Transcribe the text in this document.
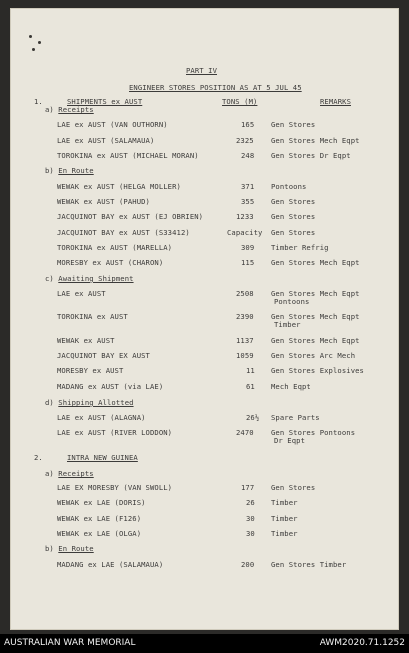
PART IV
ENGINEER STORES POSITION AS AT 5 JUL 45
1.	SHIPMENTS ex AUST	TONS (M)	REMARKS
a) Receipts
LAE ex AUST (VAN OUTHORN)	165 Gen Stores
LAE ex AUST (SALAMAUA)	2325 Gen Stores Mech Eqpt
TOROKINA ex AUST (MICHAEL MORAN)	248 Gen Stores Dr Eqpt
b) En Route
WEWAK ex AUST (HELGA MOLLER)	371 Pontoons
WEWAK ex AUST (PAHUD)	355 Gen Stores
JACQUINOT BAY ex AUST (EJ OBRIEN)	1233 Gen Stores
JACQUINOT BAY ex AUST (S33412)	Capacity Gen Stores
TOROKINA ex AUST (MARELLA)	309 Timber Refrig
MORESBY ex AUST (CHARON)	115 Gen Stores Mech Eqpt
c) Awaiting Shipment
LAE ex AUST	2508 Gen Stores Mech Eqpt
Pontoons
TOROKINA ex AUST	2390 Gen Stores Mech Eqpt
Timber
WEWAK ex AUST	1137 Gen Stores Mech Eqpt
JACQUINOT BAY EX AUST	1059 Gen Stores Arc Mech
MORESBY ex AUST	11 Gen Stores Explosives
MADANG ex AUST (via LAE)	61 Mech Eqpt
d) Shipping Allotted
LAE ex AUST (ALAGNA)	26½ Spare Parts
LAE ex AUST (RIVER LODDON)	2470 Gen Stores Pontoons
Dr Eqpt
2.	INTRA NEW GUINEA
a) Receipts
LAE EX MORESBY (VAN SWOLL)	177 Gen Stores
WEWAK ex LAE (DORIS)	26 Timber
WEWAK ex LAE (F126)	30 Timber
WEWAK ex LAE (OLGA)	30 Timber
b) En Route
MADANG ex LAE (SALAMAUA)	200 Gen Stores Timber
AUSTRALIAN WAR MEMORIAL	AWM2020.71.1252
